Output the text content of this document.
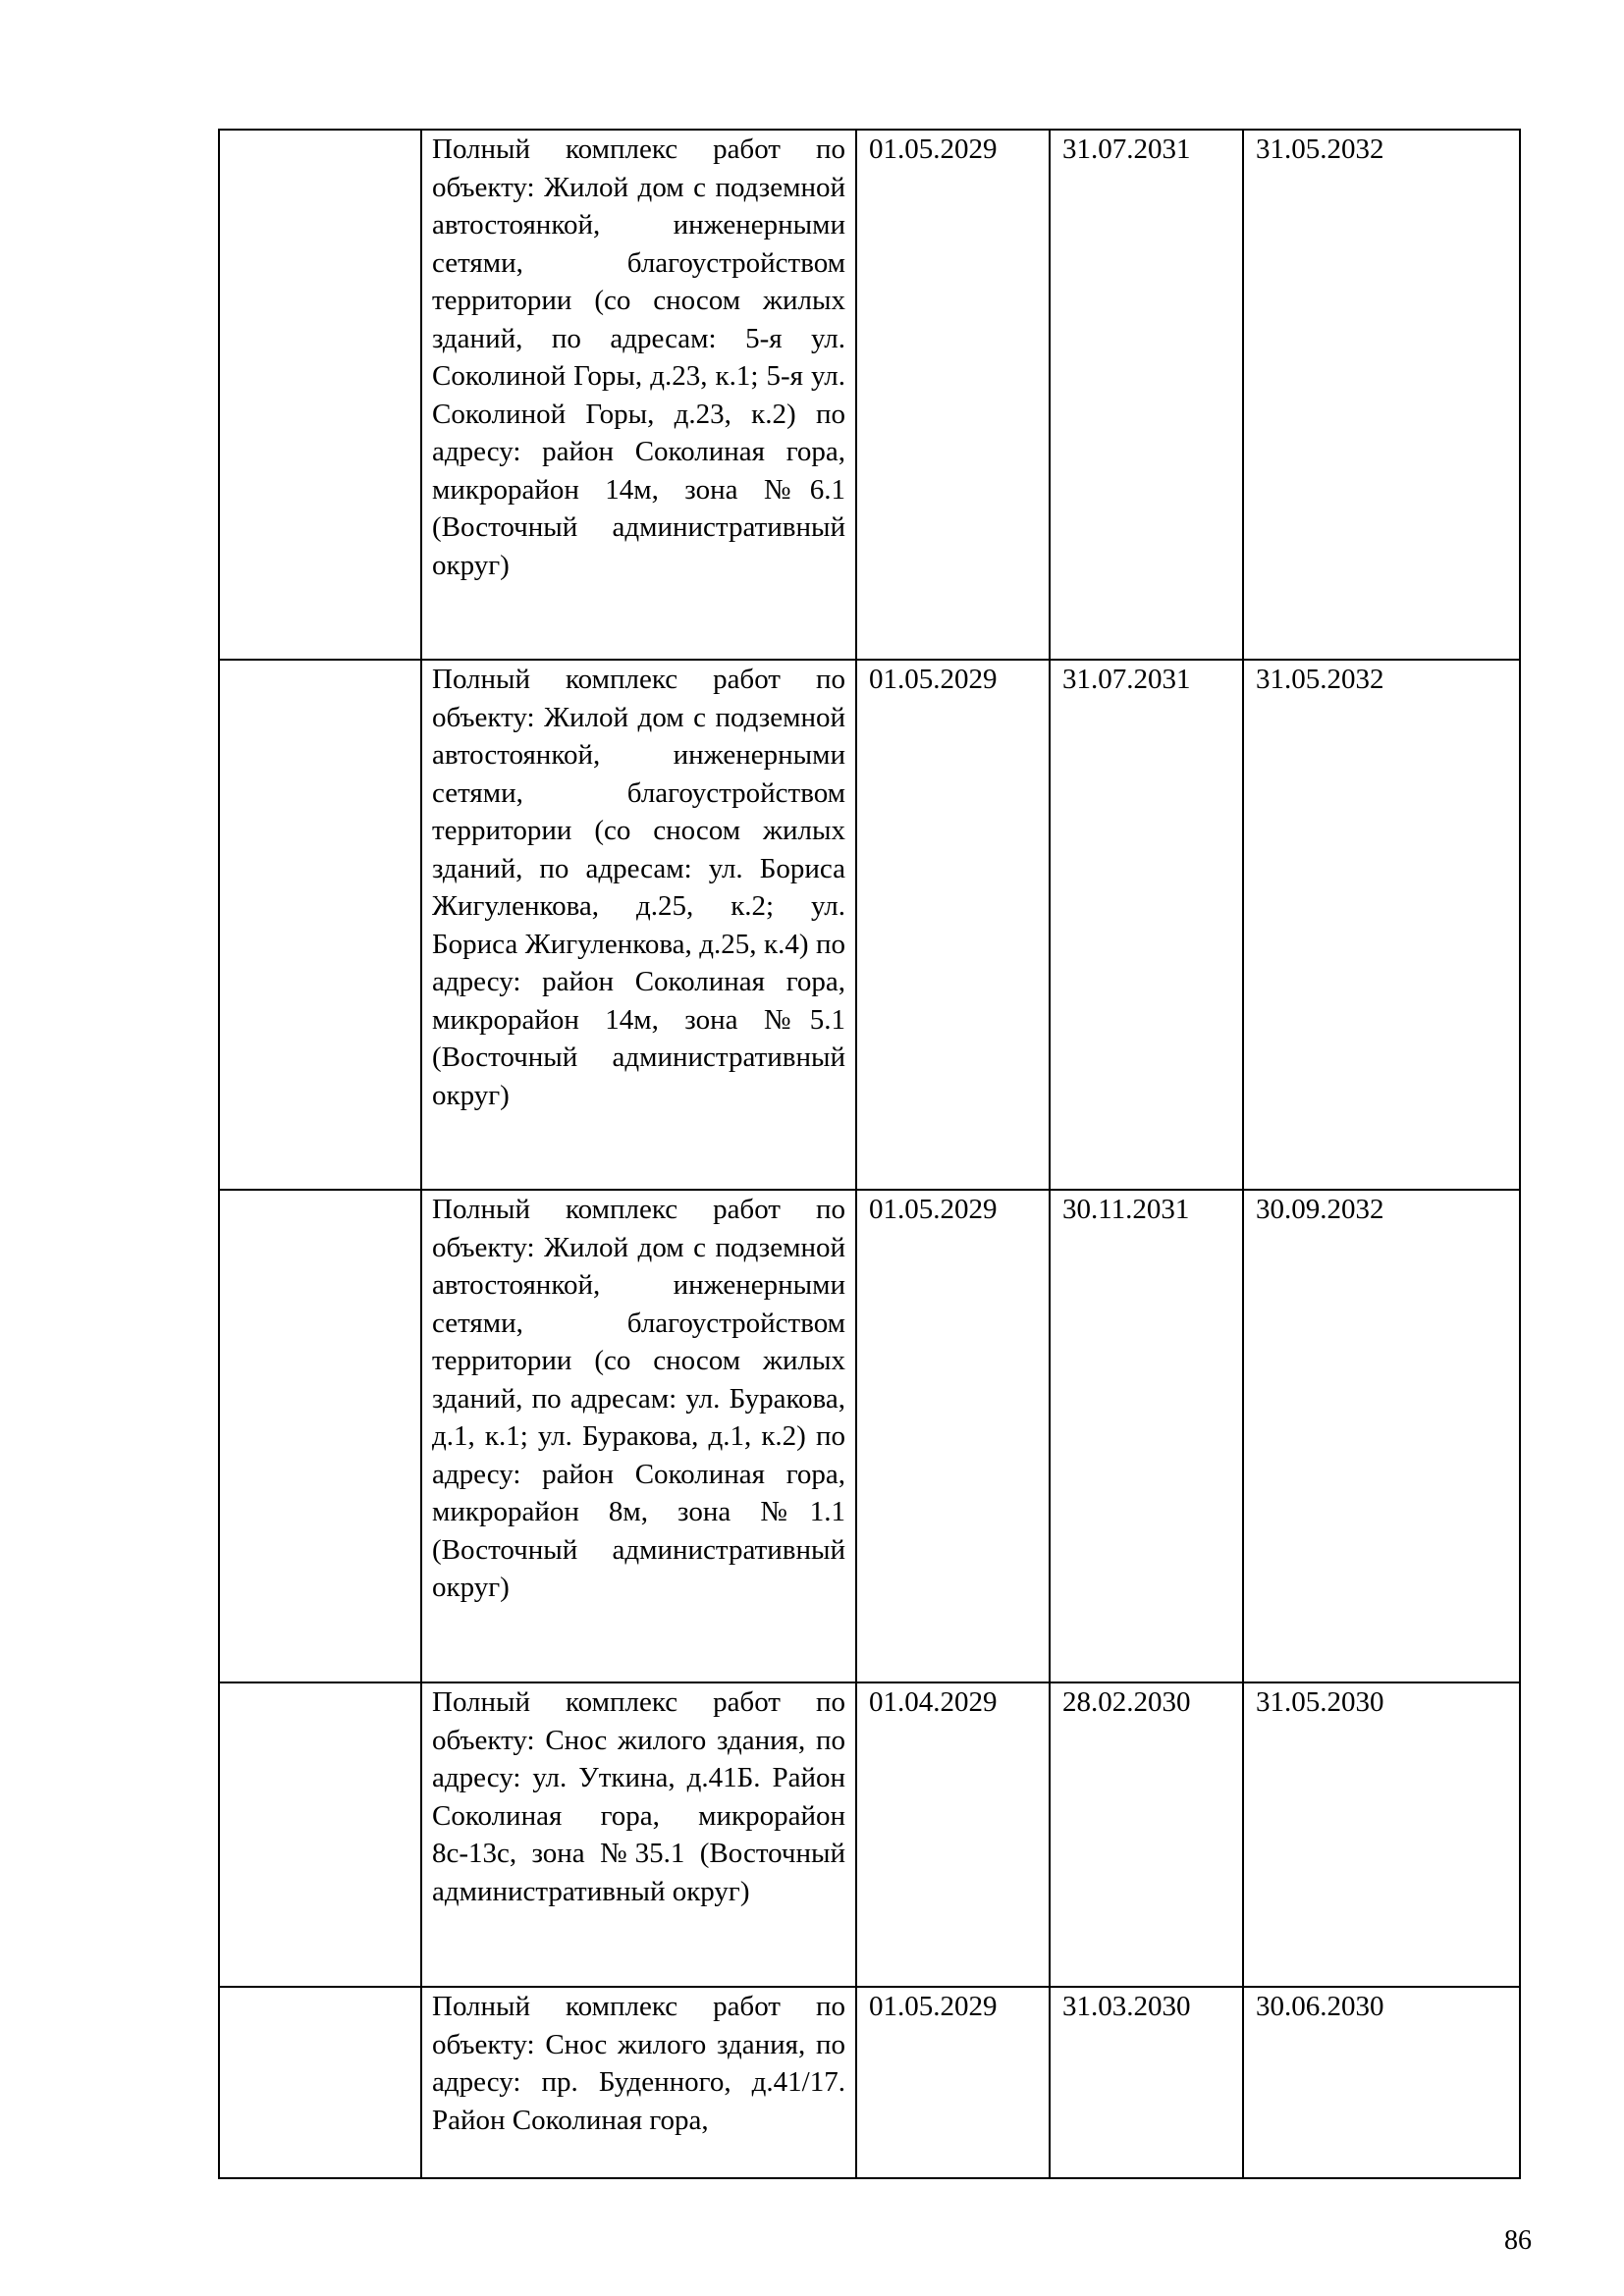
	Полный комплекс работ по объекту: Жилой дом с подземной автостоянкой, инженерными сетями, благоустройством территории (со сносом жилых зданий, по адресам: 5-я ул. Соколиной Горы, д.23, к.1; 5-я ул. Соколиной Горы, д.23, к.2) по адресу: район Соколиная гора, микрорайон 14м, зона №6.1 (Восточный административный округ)	01.05.2029	31.07.2031	31.05.2032
	Полный комплекс работ по объекту: Жилой дом с подземной автостоянкой, инженерными сетями, благоустройством территории (со сносом жилых зданий, по адресам: ул. Бориса Жигуленкова, д.25, к.2; ул. Бориса Жигуленкова, д.25, к.4) по адресу: район Соколиная гора, микрорайон 14м, зона №5.1 (Восточный административный округ)	01.05.2029	31.07.2031	31.05.2032
	Полный комплекс работ по объекту: Жилой дом с подземной автостоянкой, инженерными сетями, благоустройством территории (со сносом жилых зданий, по адресам: ул. Буракова, д.1, к.1; ул. Буракова, д.1, к.2) по адресу: район Соколиная гора, микрорайон 8м, зона №1.1 (Восточный административный округ)	01.05.2029	30.11.2031	30.09.2032
	Полный комплекс работ по объекту: Снос жилого здания, по адресу: ул. Уткина, д.41Б. Район Соколиная гора, микрорайон 8с-13с, зона №35.1 (Восточный административный округ)	01.04.2029	28.02.2030	31.05.2030
	Полный комплекс работ по объекту: Снос жилого здания, по адресу: пр. Буденного, д.41/17. Район Соколиная гора,	01.05.2029	31.03.2030	30.06.2030
86
